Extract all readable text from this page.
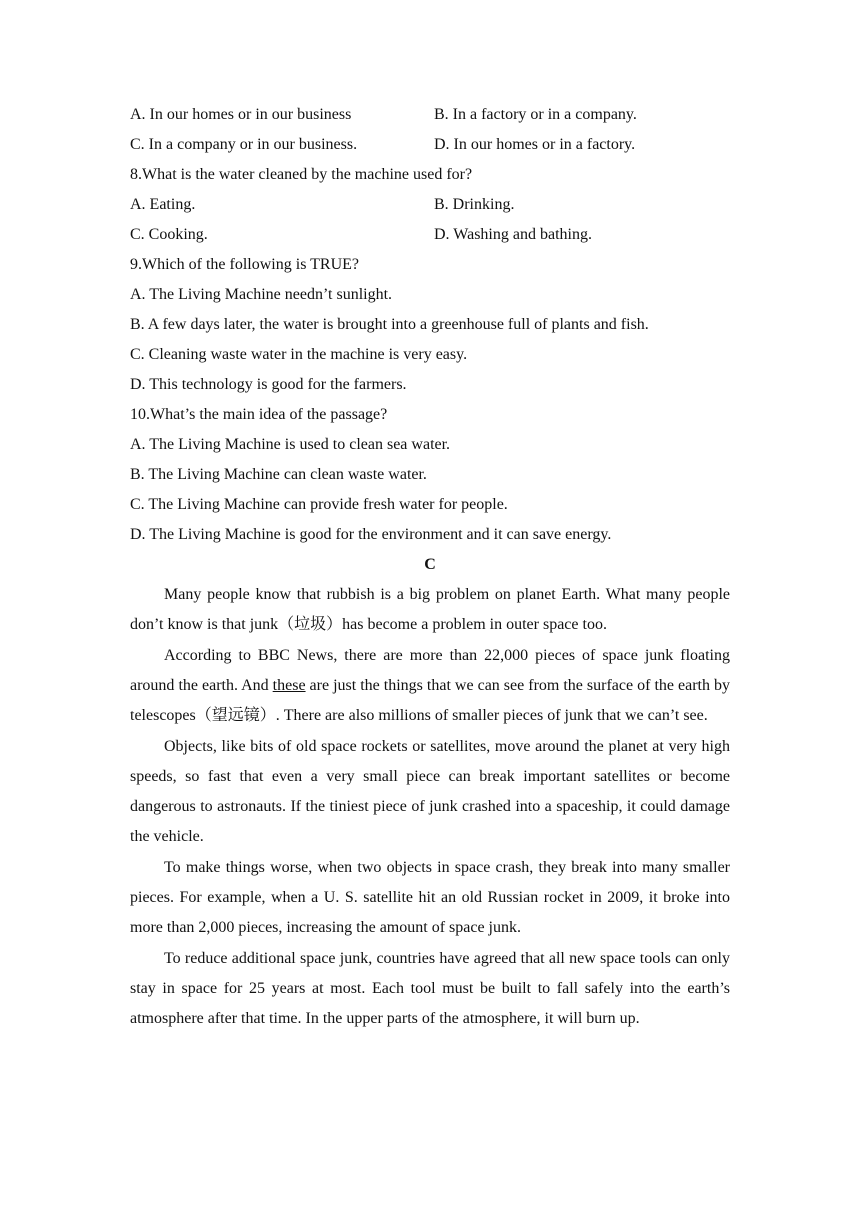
A. In our homes or in our business	B. In a factory or in a company.
C. In a company or in our business.	D. In our homes or in a factory.
8.What is the water cleaned by the machine used for?
A. Eating.	B. Drinking.
C. Cooking.	D. Washing and bathing.
9.Which of the following is TRUE?
A. The Living Machine needn’t sunlight.
B. A few days later, the water is brought into a greenhouse full of plants and fish.
C. Cleaning waste water in the machine is very easy.
D. This technology is good for the farmers.
10.What’s the main idea of the passage?
A. The Living Machine is used to clean sea water.
B. The Living Machine can clean waste water.
C. The Living Machine can provide fresh water for people.
D. The Living Machine is good for the environment and it can save energy.
C

Many people know that rubbish is a big problem on planet Earth. What many people don’t know is that junk（垃圾）has become a problem in outer space too.

According to BBC News, there are more than 22,000 pieces of space junk floating around the earth. And these are just the things that we can see from the surface of the earth by telescopes（望远镜）. There are also millions of smaller pieces of junk that we can’t see.

Objects, like bits of old space rockets or satellites, move around the planet at very high speeds, so fast that even a very small piece can break important satellites or become dangerous to astronauts. If the tiniest piece of junk crashed into a spaceship, it could damage the vehicle.

To make things worse, when two objects in space crash, they break into many smaller pieces. For example, when a U. S. satellite hit an old Russian rocket in 2009, it broke into more than 2,000 pieces, increasing the amount of space junk.

To reduce additional space junk, countries have agreed that all new space tools can only stay in space for 25 years at most. Each tool must be built to fall safely into the earth’s atmosphere after that time. In the upper parts of the atmosphere, it will burn up.
